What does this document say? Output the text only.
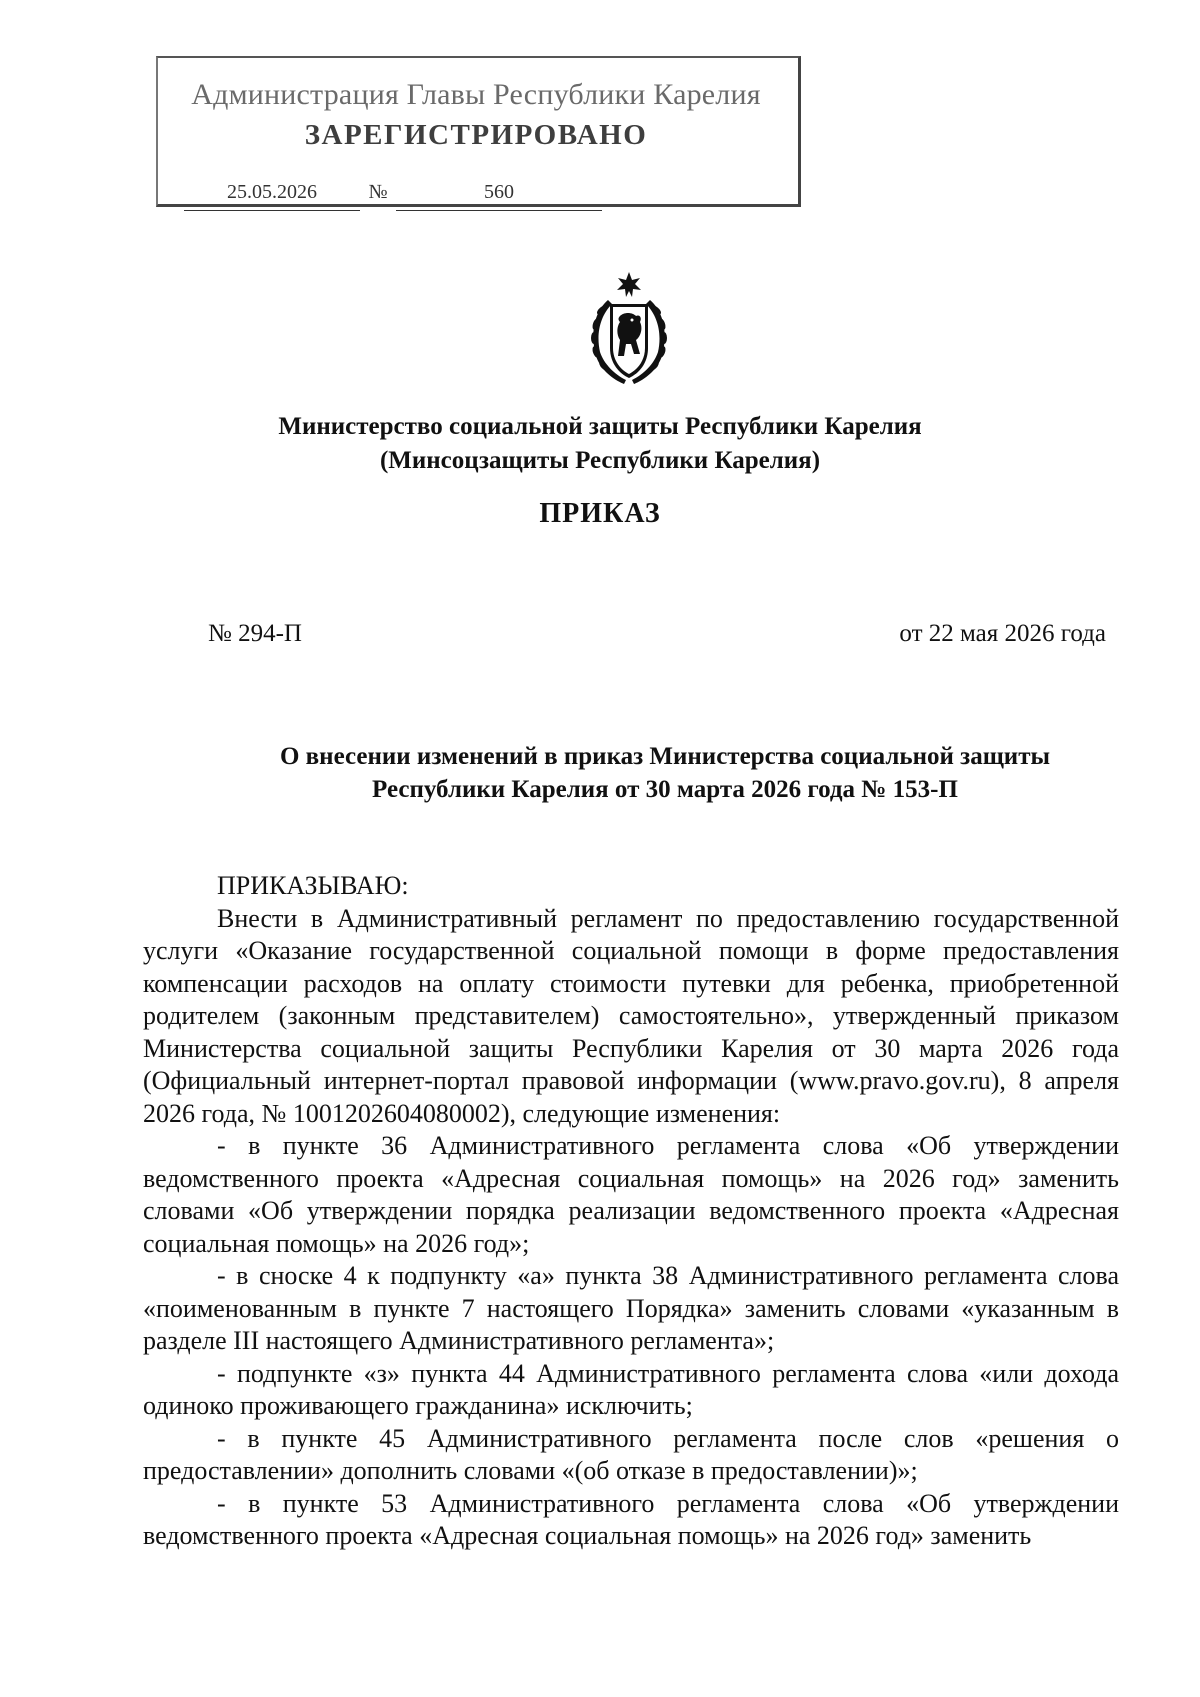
Администрация Главы Республики Карелия
ЗАРЕГИСТРИРОВАНО
25.05.2026	№	560
Министерство социальной защиты Республики Карелия
(Минсоцзащиты Республики Карелия)
ПРИКАЗ
№ 294-П	от 22 мая 2026 года
О внесении изменений в приказ Министерства социальной защиты
Республики Карелия от 30 марта 2026 года № 153-П
ПРИКАЗЫВАЮ:

Внести в Административный регламент по предоставлению государственной услуги «Оказание государственной социальной помощи в форме предоставления компенсации расходов на оплату стоимости путевки для ребенка, приобретенной родителем (законным представителем) самостоятельно», утвержденный приказом Министерства социальной защиты Республики Карелия от 30 марта 2026 года (Официальный интернет-портал правовой информации (www.pravo.gov.ru), 8 апреля 2026 года, № 1001202604080002), следующие изменения:

- в пункте 36 Административного регламента слова «Об утверждении ведомственного проекта «Адресная социальная помощь» на 2026 год» заменить словами «Об утверждении порядка реализации ведомственного проекта «Адресная социальная помощь» на 2026 год»;

- в сноске 4 к подпункту «а» пункта 38 Административного регламента слова «поименованным в пункте 7 настоящего Порядка» заменить словами «указанным в разделе III настоящего Административного регламента»;

- подпункте «з» пункта 44 Административного регламента слова «или дохода одиноко проживающего гражданина» исключить;

- в пункте 45 Административного регламента после слов «решения о предоставлении» дополнить словами «(об отказе в предоставлении)»;

- в пункте 53 Административного регламента слова «Об утверждении ведомственного проекта «Адресная социальная помощь» на 2026 год» заменить
